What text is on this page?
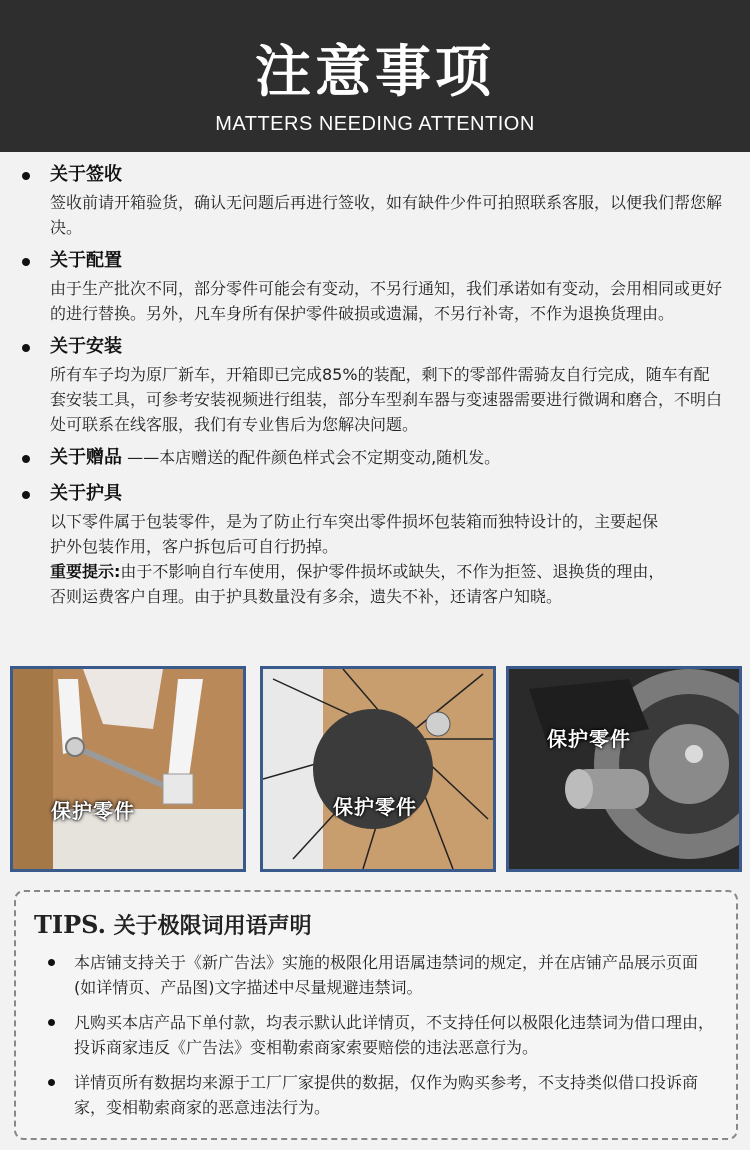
注意事项
MATTERS NEEDING ATTENTION
关于签收
签收前请开箱验货，确认无问题后再进行签收，如有缺件少件可拍照联系客服，以便我们帮您解决。
关于配置
由于生产批次不同，部分零件可能会有变动，不另行通知，我们承诺如有变动，会用相同或更好的进行替换。另外，凡车身所有保护零件破损或遗漏，不另行补寄，不作为退换货理由。
关于安装
所有车子均为原厂新车，开箱即已完成85%的装配，剩下的零部件需骑友自行完成，随车有配套安装工具，可参考安装视频进行组装，部分车型刹车器与变速器需要进行微调和磨合，不明白处可联系在线客服，我们有专业售后为您解决问题。
关于赠品 ——本店赠送的配件颜色样式会不定期变动,随机发。
关于护具
以下零件属于包装零件，是为了防止行车突出零件损坏包装箱而独特设计的，主要起保护外包装作用，客户拆包后可自行扔掉。
重要提示:由于不影响自行车使用，保护零件损坏或缺失，不作为拒签、退换货的理由，否则运费客户自理。由于护具数量没有多余，遗失不补，还请客户知晓。
保护零件	保护零件
保护零件
TIPS. 关于极限词用语声明
本店铺支持关于《新广告法》实施的极限化用语属违禁词的规定，并在店铺产品展示页面(如详情页、产品图)文字描述中尽量规避违禁词。
凡购买本店产品下单付款，均表示默认此详情页，不支持任何以极限化违禁词为借口理由，投诉商家违反《广告法》变相勒索商家索要赔偿的违法恶意行为。
详情页所有数据均来源于工厂厂家提供的数据，仅作为购买参考，不支持类似借口投诉商家，变相勒索商家的恶意违法行为。
